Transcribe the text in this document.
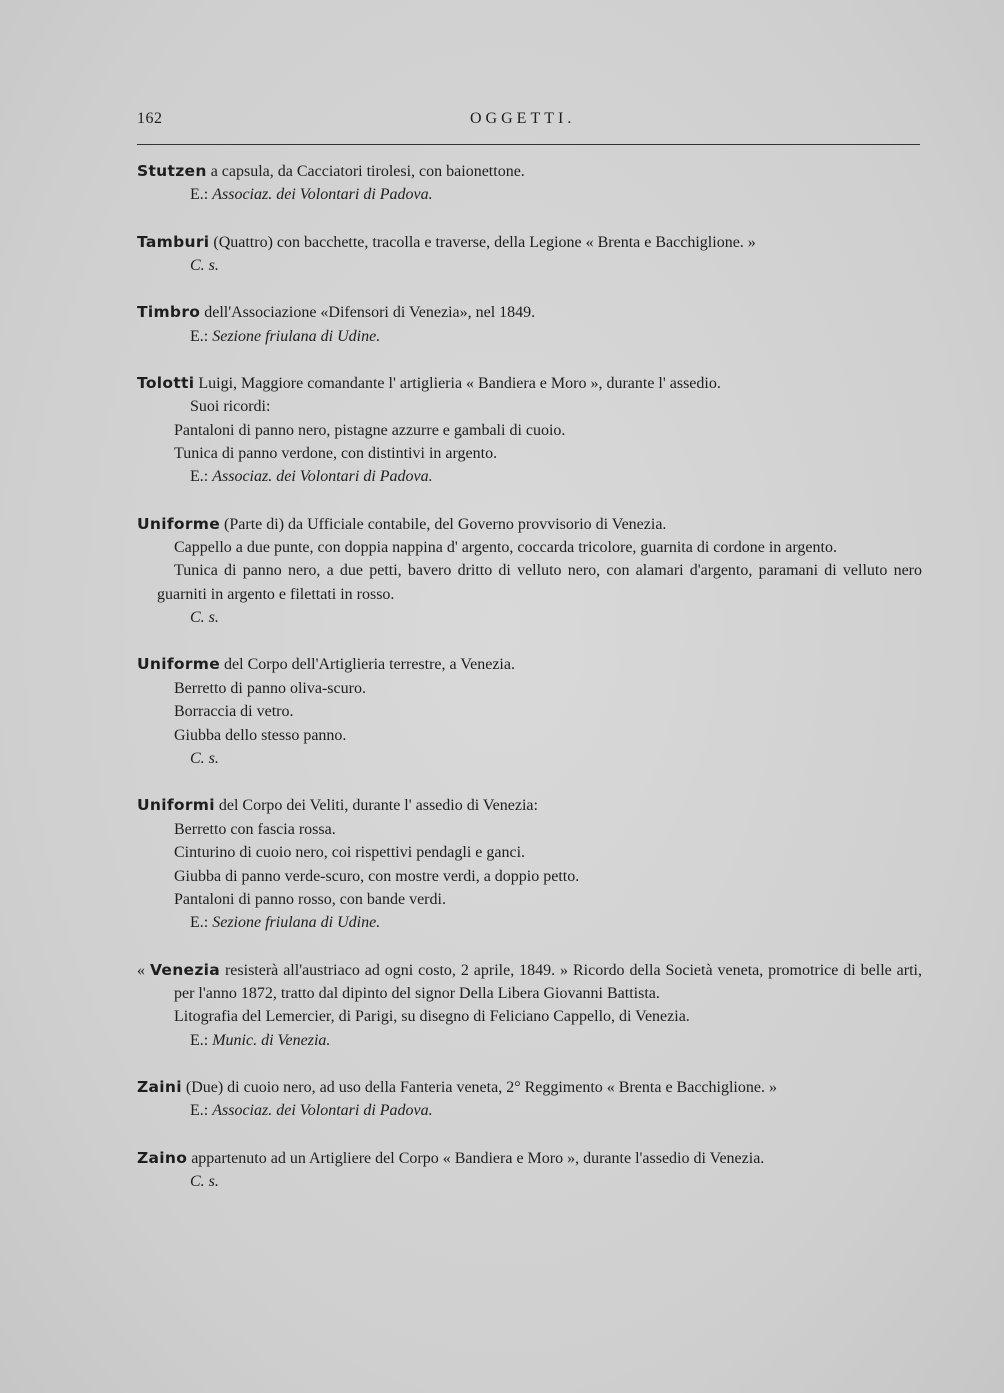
162	OGGETTI.

Stutzen a capsula, da Cacciatori tirolesi, con baionettone.

E.: Associaz. dei Volontari di Padova.

Tamburi (Quattro) con bacchette, tracolla e traverse, della Legione « Brenta e Bacchiglione. »

C. s.

Timbro dell'Associazione «Difensori di Venezia», nel 1849.

E.: Sezione friulana di Udine.

Tolotti Luigi, Maggiore comandante l' artiglieria « Bandiera e Moro », durante l' assedio.

Suoi ricordi:

Pantaloni di panno nero, pistagne azzurre e gambali di cuoio.

Tunica di panno verdone, con distintivi in argento.

E.: Associaz. dei Volontari di Padova.

Uniforme (Parte di) da Ufficiale contabile, del Governo provvisorio di Venezia.

Cappello a due punte, con doppia nappina d' argento, coccarda tricolore, guarnita di cordone in argento.

Tunica di panno nero, a due petti, bavero dritto di velluto nero, con alamari d'argento, paramani di velluto nero guarniti in argento e filettati in rosso.

C. s.

Uniforme del Corpo dell'Artiglieria terrestre, a Venezia.

Berretto di panno oliva-scuro.

Borraccia di vetro.

Giubba dello stesso panno.

C. s.

Uniformi del Corpo dei Veliti, durante l' assedio di Venezia:

Berretto con fascia rossa.

Cinturino di cuoio nero, coi rispettivi pendagli e ganci.

Giubba di panno verde-scuro, con mostre verdi, a doppio petto.

Pantaloni di panno rosso, con bande verdi.

E.: Sezione friulana di Udine.

« Venezia resisterà all'austriaco ad ogni costo, 2 aprile, 1849. » Ricordo della Società veneta, promotrice di belle arti, per l'anno 1872, tratto dal dipinto del signor Della Libera Giovanni Battista.

Litografia del Lemercier, di Parigi, su disegno di Feliciano Cappello, di Venezia.

E.: Munic. di Venezia.

Zaini (Due) di cuoio nero, ad uso della Fanteria veneta, 2° Reggimento « Brenta e Bacchiglione. »

E.: Associaz. dei Volontari di Padova.

Zaino appartenuto ad un Artigliere del Corpo « Bandiera e Moro », durante l'assedio di Venezia.

C. s.
